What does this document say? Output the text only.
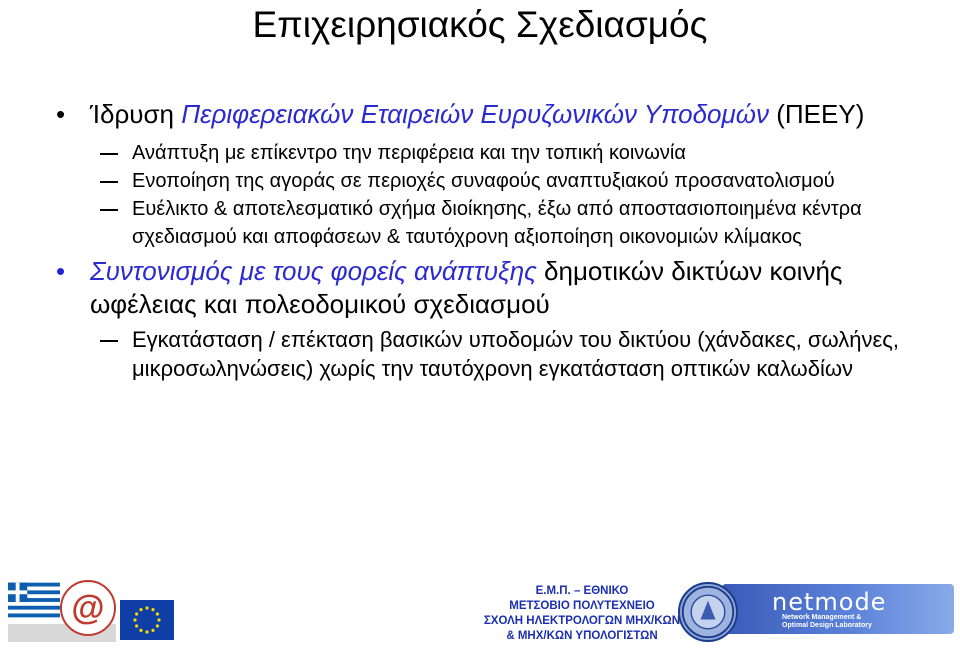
Επιχειρησιακός Σχεδιασμός

• Ίδρυση Περιφερειακών Εταιρειών Ευρυζωνικών Υποδομών (ΠΕΕΥ)

Ανάπτυξη με επίκεντρο την περιφέρεια και την τοπική κοινωνία

Ενοποίηση της αγοράς σε περιοχές συναφούς αναπτυξιακού προσανατολισμού

Ευέλικτο & αποτελεσματικό σχήμα διοίκησης, έξω από αποστασιοποιημένα κέντρα σχεδιασμού και αποφάσεων & ταυτόχρονη αξιοποίηση οικονομιών κλίμακος

• Συντονισμός με τους φορείς ανάπτυξης δημοτικών δικτύων κοινής ωφέλειας και πολεοδομικού σχεδιασμού

Εγκατάσταση / επέκταση βασικών υποδομών του δικτύου (χάνδακες, σωλήνες, μικροσωληνώσεις) χωρίς την ταυτόχρονη εγκατάσταση οπτικών καλωδίων

@	Ε.Μ.Π. – ΕΘΝΙΚΟ
ΜΕΤΣΟΒΙΟ ΠΟΛΥΤΕΧΝΕΙΟ
ΣΧΟΛΗ ΗΛΕΚΤΡΟΛΟΓΩΝ ΜΗΧ/ΚΩΝ
& ΜΗΧ/ΚΩΝ ΥΠΟΛΟΓΙΣΤΩΝ
netmode
Network Management &
Optimal Design Laboratory
